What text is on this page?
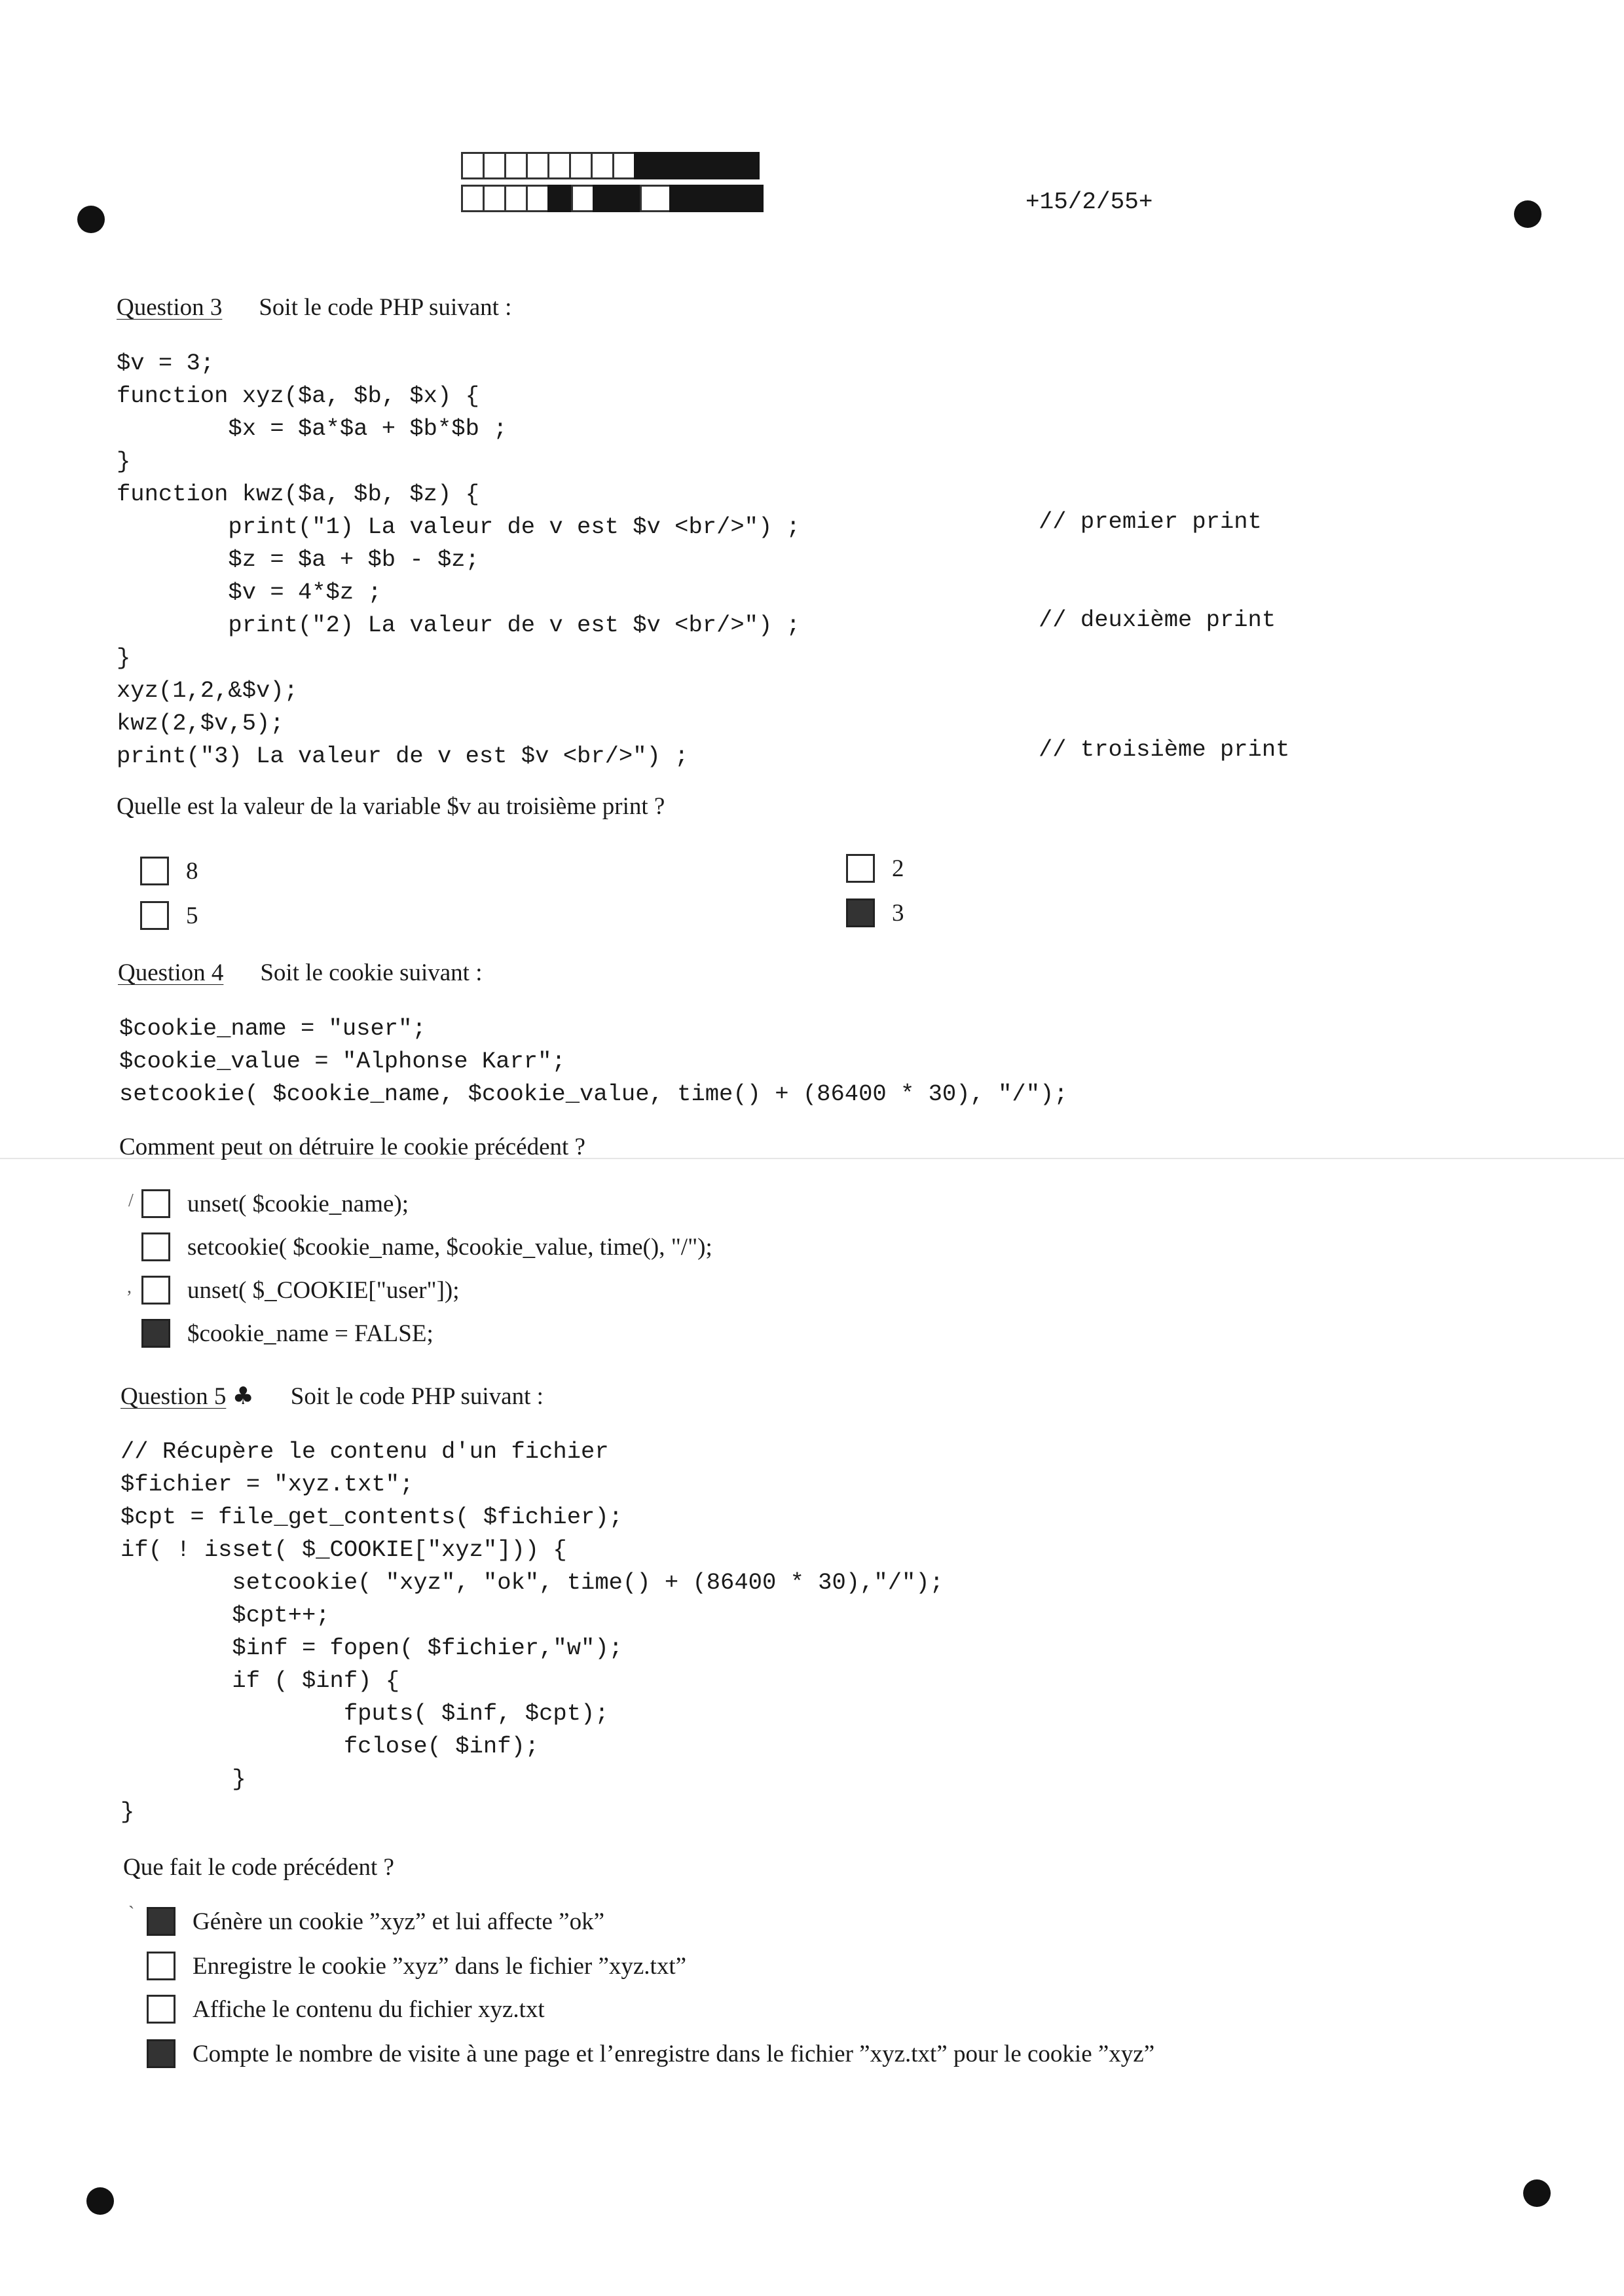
+15/2/55+
Question 3 Soit le code PHP suivant :
$v = 3;
function xyz($a, $b, $x) {
$x = $a*$a + $b*$b ;
}
function kwz($a, $b, $z) {
print("1) La valeur de v est $v <br/>") ;
$z = $a + $b - $z;
$v = 4*$z ;
print("2) La valeur de v est $v <br/>") ;
}
xyz(1,2,&$v);
kwz(2,$v,5);
print("3) La valeur de v est $v <br/>") ;
// premier print
// deuxième print
// troisième print
Quelle est la valeur de la variable $v au troisième print ?
8
5
2
3
Question 4 Soit le cookie suivant :
$cookie_name = "user";
$cookie_value = "Alphonse Karr";
setcookie( $cookie_name, $cookie_value, time() + (86400 * 30), "/");
Comment peut on détruire le cookie précédent ?
/ unset( $cookie_name);
setcookie( $cookie_name, $cookie_value, time(), "/");
, unset( $_COOKIE["user"]);
$cookie_name = FALSE;
Question 5 ♣ Soit le code PHP suivant :
// Récupère le contenu d'un fichier
$fichier = "xyz.txt";
$cpt = file_get_contents( $fichier);
if( ! isset( $_COOKIE["xyz"])) {
setcookie( "xyz", "ok", time() + (86400 * 30),"/");
$cpt++;
$inf = fopen( $fichier,"w");
if ( $inf) {
fputs( $inf, $cpt);
fclose( $inf);
}
}
Que fait le code précédent ?
` Génère un cookie ”xyz” et lui affecte ”ok”
Enregistre le cookie ”xyz” dans le fichier ”xyz.txt”
Affiche le contenu du fichier xyz.txt
Compte le nombre de visite à une page et l’enregistre dans le fichier ”xyz.txt” pour le cookie ”xyz”
